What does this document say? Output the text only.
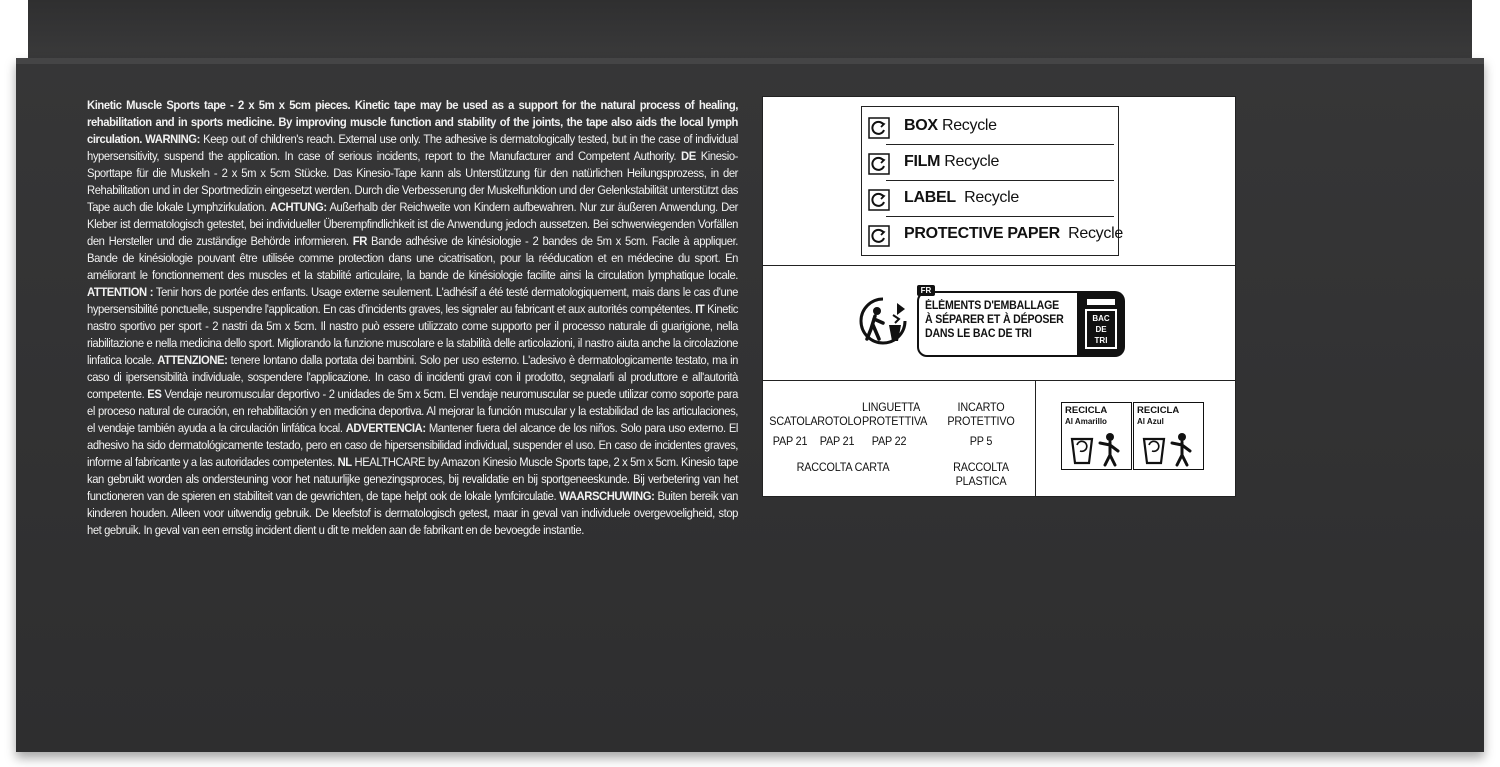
Kinetic Muscle Sports tape - 2 x 5m x 5cm pieces. Kinetic tape may be used as a support for the natural process of healing, rehabilitation and in sports medicine. By improving muscle function and stability of the joints, the tape also aids the local lymph circulation. WARNING: Keep out of children's reach. External use only. The adhesive is dermatologically tested, but in the case of individual hypersensitivity, suspend the application. In case of serious incidents, report to the Manufacturer and Competent Authority. DE Kinesio-Sporttape für die Muskeln - 2 x 5m x 5cm Stücke. Das Kinesio-Tape kann als Unterstützung für den natürlichen Heilungsprozess, in der Rehabilitation und in der Sportmedizin eingesetzt werden. Durch die Verbesserung der Muskelfunktion und der Gelenkstabilität unterstützt das Tape auch die lokale Lymphzirkulation. ACHTUNG: Außerhalb der Reichweite von Kindern aufbewahren. Nur zur äußeren Anwendung. Der Kleber ist dermatologisch getestet, bei individueller Überempfindlichkeit ist die Anwendung jedoch aussetzen. Bei schwerwiegenden Vorfällen den Hersteller und die zuständige Behörde informieren. FR Bande adhésive de kinésiologie - 2 bandes de 5m x 5cm. Facile à appliquer. Bande de kinésiologie pouvant être utilisée comme protection dans une cicatrisation, pour la rééducation et en médecine du sport. En améliorant le fonctionnement des muscles et la stabilité articulaire, la bande de kinésiologie facilite ainsi la circulation lymphatique locale. ATTENTION : Tenir hors de portée des enfants. Usage externe seulement. L'adhésif a été testé dermatologiquement, mais dans le cas d'une hypersensibilité ponctuelle, suspendre l'application. En cas d'incidents graves, les signaler au fabricant et aux autorités compétentes. IT Kinetic nastro sportivo per sport - 2 nastri da 5m x 5cm. Il nastro può essere utilizzato come supporto per il processo naturale di guarigione, nella riabilitazione e nella medicina dello sport. Migliorando la funzione muscolare e la stabilità delle articolazioni, il nastro aiuta anche la circolazione linfatica locale. ATTENZIONE: tenere lontano dalla portata dei bambini. Solo per uso esterno. L'adesivo è dermatologicamente testato, ma in caso di ipersensibilità individuale, sospendere l'applicazione. In caso di incidenti gravi con il prodotto, segnalarli al produttore e all'autorità competente. ES Vendaje neuromuscular deportivo - 2 unidades de 5m x 5cm. El vendaje neuromuscular se puede utilizar como soporte para el proceso natural de curación, en rehabilitación y en medicina deportiva. Al mejorar la función muscular y la estabilidad de las articulaciones, el vendaje también ayuda a la circulación linfática local. ADVERTENCIA: Mantener fuera del alcance de los niños. Solo para uso externo. El adhesivo ha sido dermatológicamente testado, pero en caso de hipersensibilidad individual, suspender el uso. En caso de incidentes graves, informe al fabricante y a las autoridades competentes. NL HEALTHCARE by Amazon Kinesio Muscle Sports tape, 2 x 5m x 5cm. Kinesio tape kan gebruikt worden als ondersteuning voor het natuurlijke genezingsproces, bij revalidatie en bij sportgeneeskunde. Bij verbetering van het functioneren van de spieren en stabiliteit van de gewrichten, de tape helpt ook de lokale lymfcirculatie. WAARSCHUWING: Buiten bereik van kinderen houden. Alleen voor uitwendig gebruik. De kleefstof is dermatologisch getest, maar in geval van individuele overgevoeligheid, stop het gebruik. In geval van een ernstig incident dient u dit te melden aan de fabrikant en de bevoegde instantie.
BOX Recycle
FILM Recycle
LABEL Recycle
PROTECTIVE PAPER Recycle
FR
ÉLÉMENTS D'EMBALLAGE
À SÉPARER ET À DÉPOSER
DANS LE BAC DE TRI
BAC
DE
TRI
SCATOLA
PAP 21
ROTOLO
PAP 21
LINGUETTA
PROTETTIVA
PAP 22
INCARTO
PROTETTIVO
PP 5
RACCOLTA CARTA	RACCOLTA PLASTICA
RECICLA
Al Amarillo
RECICLA
Al Azul
